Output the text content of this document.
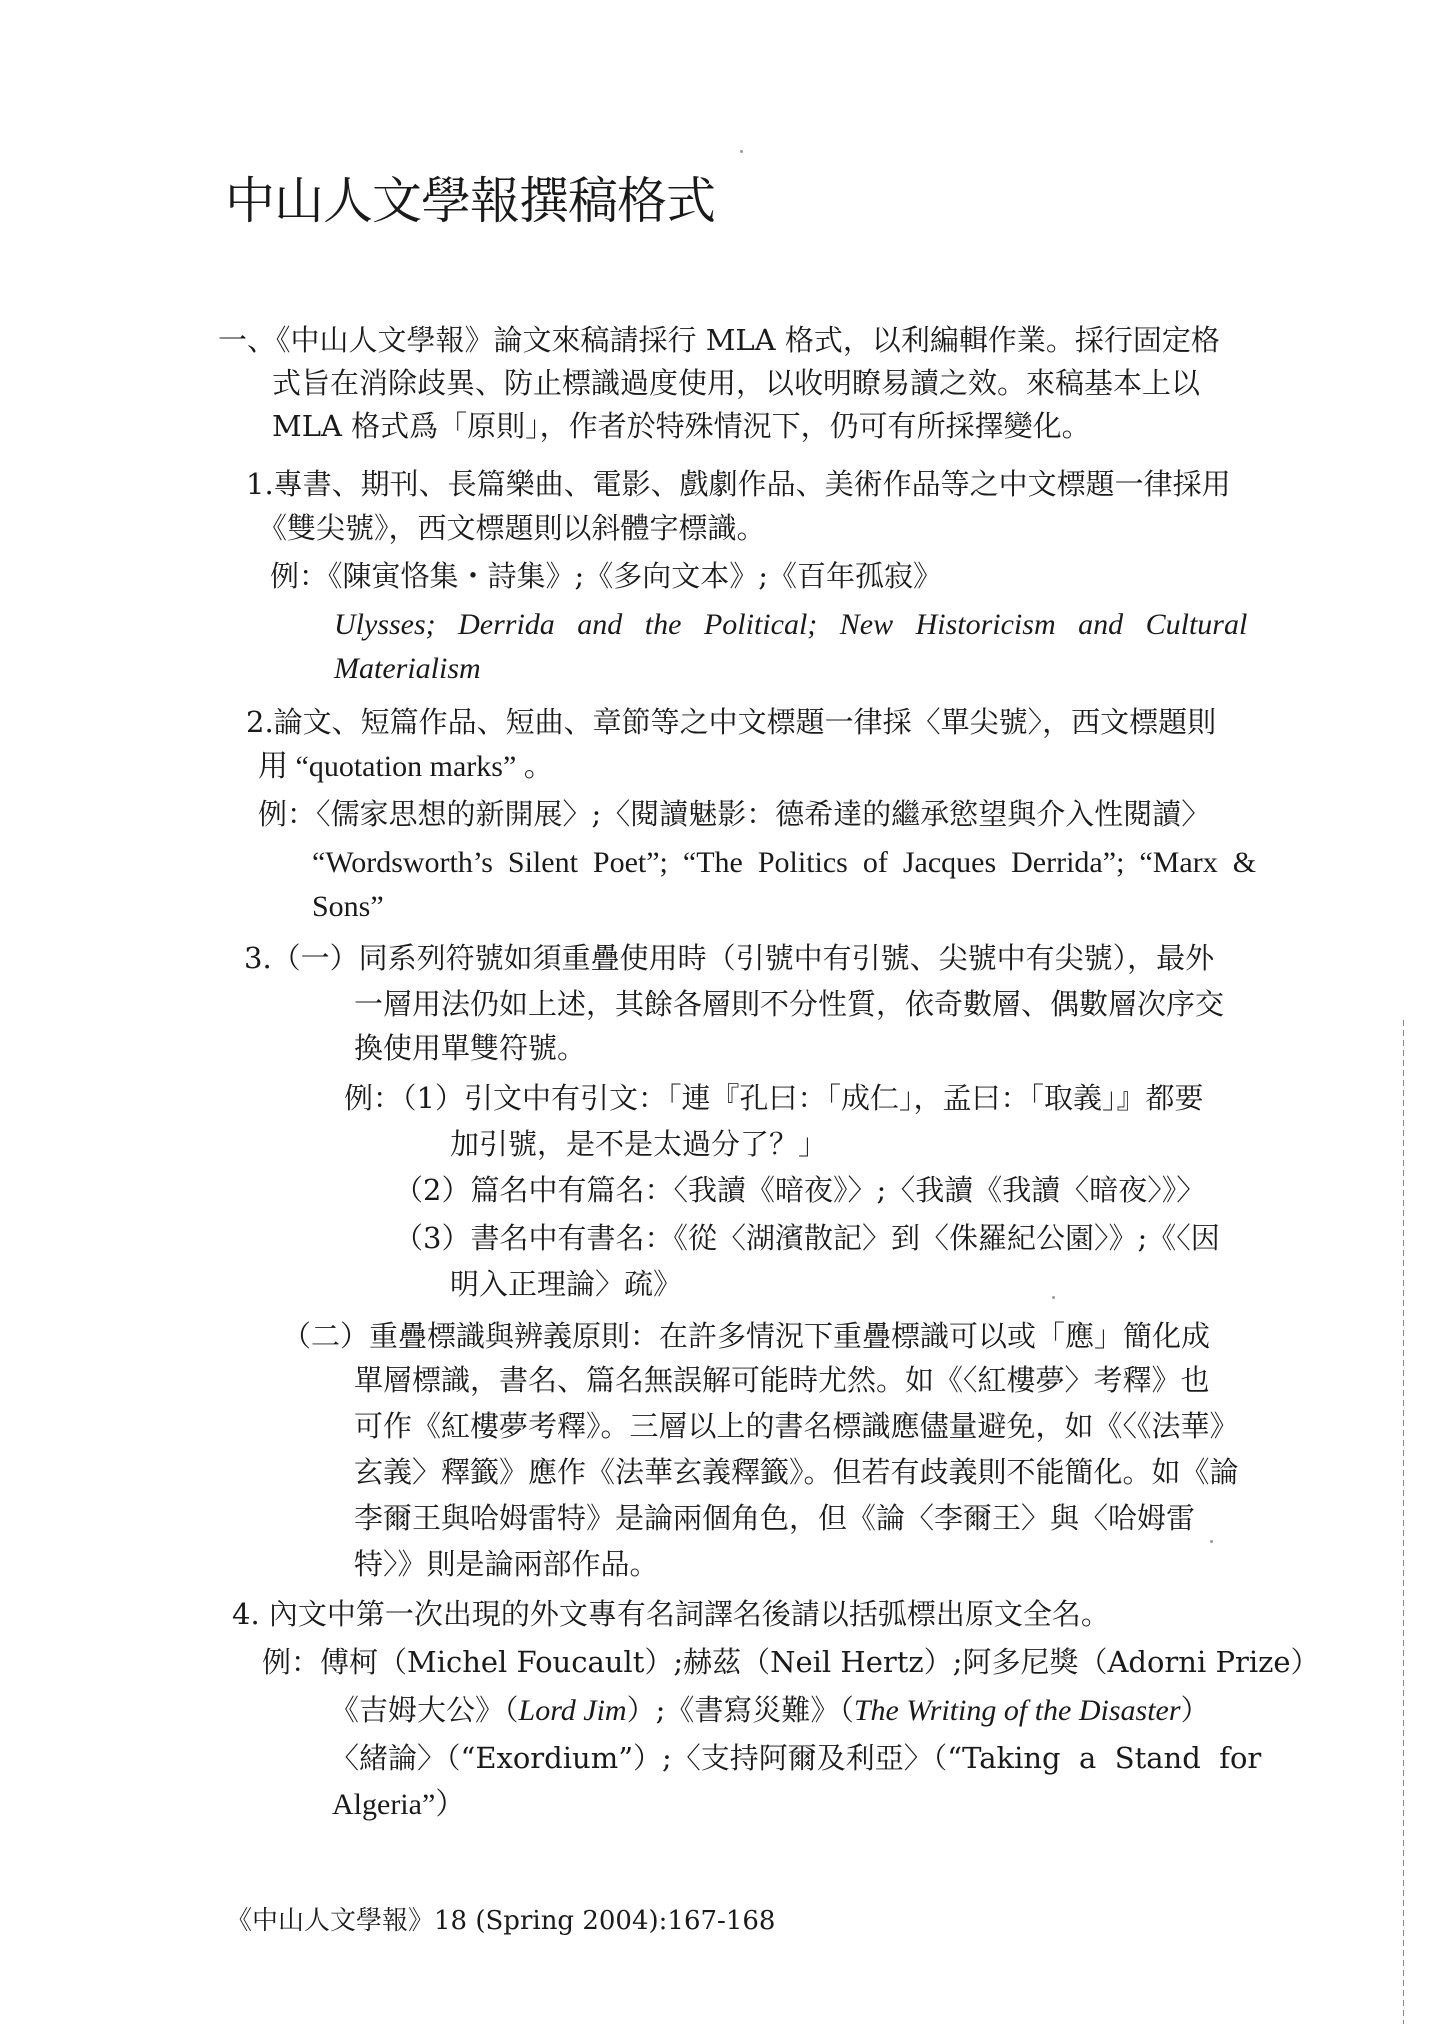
中山人文學報撰稿格式
一、《中山人文學報》論文來稿請採行 MLA 格式，以利編輯作業。採行固定格
式旨在消除歧異、防止標識過度使用，以收明瞭易讀之效。來稿基本上以
MLA 格式爲「原則」，作者於特殊情況下，仍可有所採擇變化。
1.專書、期刊、長篇樂曲、電影、戲劇作品、美術作品等之中文標題一律採用
《雙尖號》，西文標題則以斜體字標識。
例：《陳寅恪集・詩集》;《多向文本》;《百年孤寂》
Ulysses;   Derrida   and   the   Political;   New   Historicism   and   Cultural
Materialism
2.論文、短篇作品、短曲、章節等之中文標題一律採〈單尖號〉，西文標題則
用 “quotation marks” 。
例：〈儒家思想的新開展〉;〈閱讀魅影：德希達的繼承慾望與介入性閱讀〉
“Wordsworth’s  Silent  Poet”;  “The  Politics  of  Jacques  Derrida”;  “Marx  &
Sons”
3.（一）同系列符號如須重疊使用時（引號中有引號、尖號中有尖號），最外
一層用法仍如上述，其餘各層則不分性質，依奇數層、偶數層次序交
換使用單雙符號。
例：（1）引文中有引文：「連『孔曰：「成仁」，孟曰：「取義」』都要
加引號，是不是太過分了？」
（2）篇名中有篇名：〈我讀《暗夜》〉;〈我讀《我讀〈暗夜〉》〉
（3）書名中有書名：《從〈湖濱散記〉到〈侏羅紀公園〉》;《〈因
明入正理論〉疏》
（二）重疊標識與辨義原則：在許多情況下重疊標識可以或「應」簡化成
單層標識，書名、篇名無誤解可能時尤然。如《〈紅樓夢〉考釋》也
可作《紅樓夢考釋》。三層以上的書名標識應儘量避免，如《〈《法華》
玄義〉釋籤》應作《法華玄義釋籤》。但若有歧義則不能簡化。如《論
李爾王與哈姆雷特》是論兩個角色，但《論〈李爾王〉與〈哈姆雷
特〉》則是論兩部作品。
4. 內文中第一次出現的外文專有名詞譯名後請以括弧標出原文全名。
例：傅柯（Michel Foucault）;赫茲（Neil Hertz）;阿多尼獎（Adorni Prize）
《吉姆大公》（Lord Jim）;《書寫災難》（The Writing of the Disaster）
〈緒論〉（“Exordium”）;〈支持阿爾及利亞〉（“Taking  a  Stand  for
Algeria”）
《中山人文學報》18 (Spring 2004):167-168
